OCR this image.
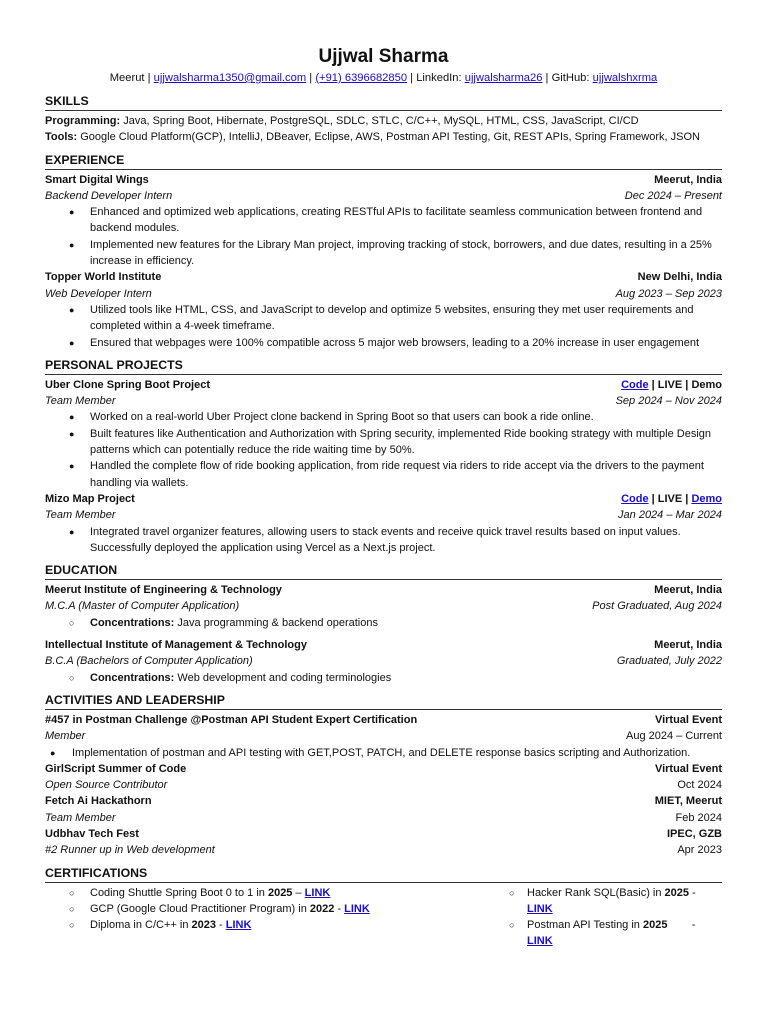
Ujjwal Sharma
Meerut | ujjwalsharma1350@gmail.com | (+91) 6396682850 | LinkedIn: ujjwalsharma26 | GitHub: ujjwalshxrma
SKILLS
Programming: Java, Spring Boot, Hibernate, PostgreSQL, SDLC, STLC, C/C++, MySQL, HTML, CSS, JavaScript, CI/CD
Tools: Google Cloud Platform(GCP), IntelliJ, DBeaver, Eclipse, AWS, Postman API Testing, Git, REST APIs, Spring Framework, JSON
EXPERIENCE
Smart Digital Wings	Meerut, India
Backend Developer Intern	Dec 2024 – Present
● Enhanced and optimized web applications, creating RESTful APIs to facilitate seamless communication between frontend and backend modules.
● Implemented new features for the Library Man project, improving tracking of stock, borrowers, and due dates, resulting in a 25% increase in efficiency.
Topper World Institute	New Delhi, India
Web Developer Intern	Aug 2023 – Sep 2023
● Utilized tools like HTML, CSS, and JavaScript to develop and optimize 5 websites, ensuring they met user requirements and completed within a 4-week timeframe.
● Ensured that webpages were 100% compatible across 5 major web browsers, leading to a 20% increase in user engagement
PERSONAL PROJECTS
Uber Clone Spring Boot Project	Code | LIVE | Demo
Team Member	Sep 2024 – Nov 2024
● Worked on a real-world Uber Project clone backend in Spring Boot so that users can book a ride online.
● Built features like Authentication and Authorization with Spring security, implemented Ride booking strategy with multiple Design patterns which can potentially reduce the ride waiting time by 50%.
● Handled the complete flow of ride booking application, from ride request via riders to ride accept via the drivers to the payment handling via wallets.
Mizo Map Project	Code | LIVE | Demo
Team Member	Jan 2024 – Mar 2024
● Integrated travel organizer features, allowing users to stack events and receive quick travel results based on input values. Successfully deployed the application using Vercel as a Next.js project.
EDUCATION
Meerut Institute of Engineering & Technology	Meerut, India
M.C.A (Master of Computer Application)	Post Graduated, Aug 2024
○ Concentrations: Java programming & backend operations
Intellectual Institute of Management & Technology	Meerut, India
B.C.A (Bachelors of Computer Application)	Graduated, July 2022
○ Concentrations: Web development and coding terminologies
ACTIVITIES AND LEADERSHIP
#457 in Postman Challenge @Postman API Student Expert Certification	Virtual Event
Member	Aug 2024 – Current
● Implementation of postman and API testing with GET,POST, PATCH, and DELETE response basics scripting and Authorization.
GirlScript Summer of Code	Virtual Event
Open Source Contributor	Oct 2024
Fetch Ai Hackathorn	MIET, Meerut
Team Member	Feb 2024
Udbhav Tech Fest	IPEC, GZB
#2 Runner up in Web development	Apr 2023
CERTIFICATIONS
○ Coding Shuttle Spring Boot 0 to 1 in 2025 – LINK
○ GCP (Google Cloud Practitioner Program) in 2022 - LINK
○ Diploma in C/C++ in 2023 - LINK
○ Hacker Rank SQL(Basic) in 2025 - LINK
○ Postman API Testing in 2025        - LINK
